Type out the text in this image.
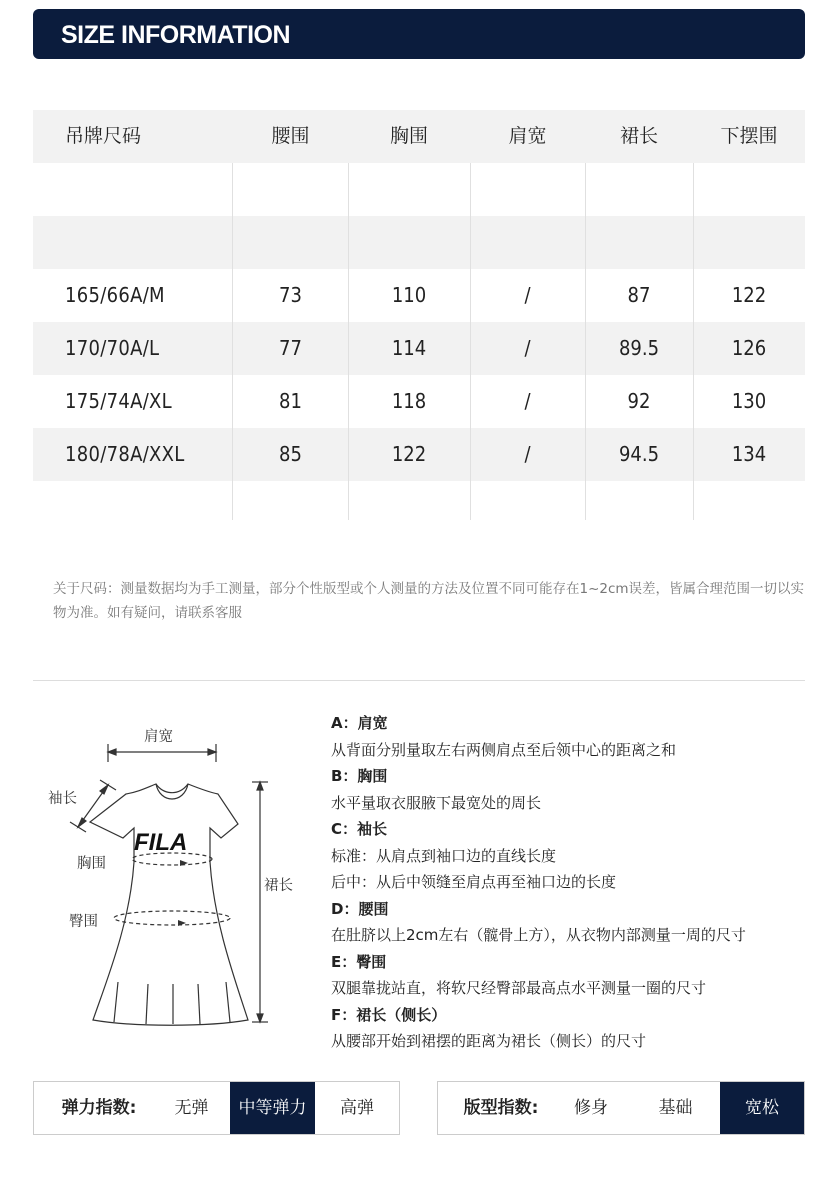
SIZE INFORMATION
吊牌尺码	腰围	胸围	肩宽	裙长	下摆围
165/66A/M	73	110	/	87	122
170/70A/L	77	114	/	89.5	126
175/74A/XL	81	118	/	92	130
180/78A/XXL	85	122	/	94.5	134
关于尺码：测量数据均为手工测量，部分个性版型或个人测量的方法及位置不同可能存在1~2cm误差，皆属合理范围一切以实物为准。如有疑问，请联系客服
FILA
肩宽
袖长
胸围
臀围
裙长
A：肩宽
从背面分别量取左右两侧肩点至后领中心的距离之和
B：胸围
水平量取衣服腋下最宽处的周长
C：袖长
标准：从肩点到袖口边的直线长度
后中：从后中领缝至肩点再至袖口边的长度
D：腰围
在肚脐以上2cm左右（髋骨上方），从衣物内部测量一周的尺寸
E：臀围
双腿靠拢站直，将软尺经臀部最高点水平测量一圈的尺寸
F：裙长（侧长）
从腰部开始到裙摆的距离为裙长（侧长）的尺寸
弹力指数:	无弹	中等弹力	高弹	版型指数:	修身	基础	宽松
